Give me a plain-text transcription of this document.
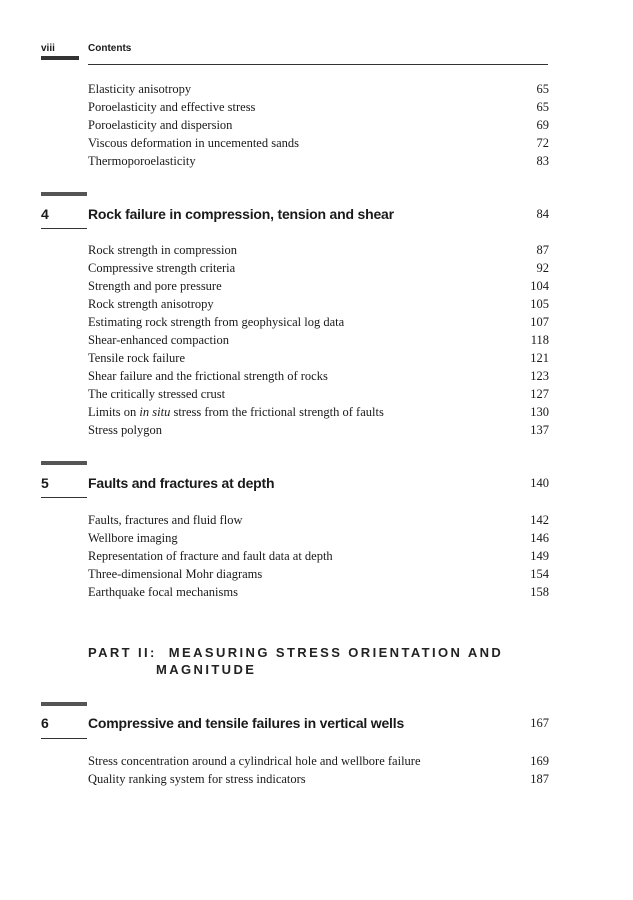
viii	Contents
Elasticity anisotropy	65
Poroelasticity and effective stress	65
Poroelasticity and dispersion	69
Viscous deformation in uncemented sands	72
Thermoporoelasticity	83
4	Rock failure in compression, tension and shear	84
Rock strength in compression	87
Compressive strength criteria	92
Strength and pore pressure	104
Rock strength anisotropy	105
Estimating rock strength from geophysical log data	107
Shear-enhanced compaction	118
Tensile rock failure	121
Shear failure and the frictional strength of rocks	123
The critically stressed crust	127
Limits on in situ stress from the frictional strength of faults	130
Stress polygon	137
5	Faults and fractures at depth	140
Faults, fractures and fluid flow	142
Wellbore imaging	146
Representation of fracture and fault data at depth	149
Three-dimensional Mohr diagrams	154
Earthquake focal mechanisms	158
PART II:  MEASURING STRESS ORIENTATION AND
MAGNITUDE
6	Compressive and tensile failures in vertical wells	167
Stress concentration around a cylindrical hole and wellbore failure	169
Quality ranking system for stress indicators	187
